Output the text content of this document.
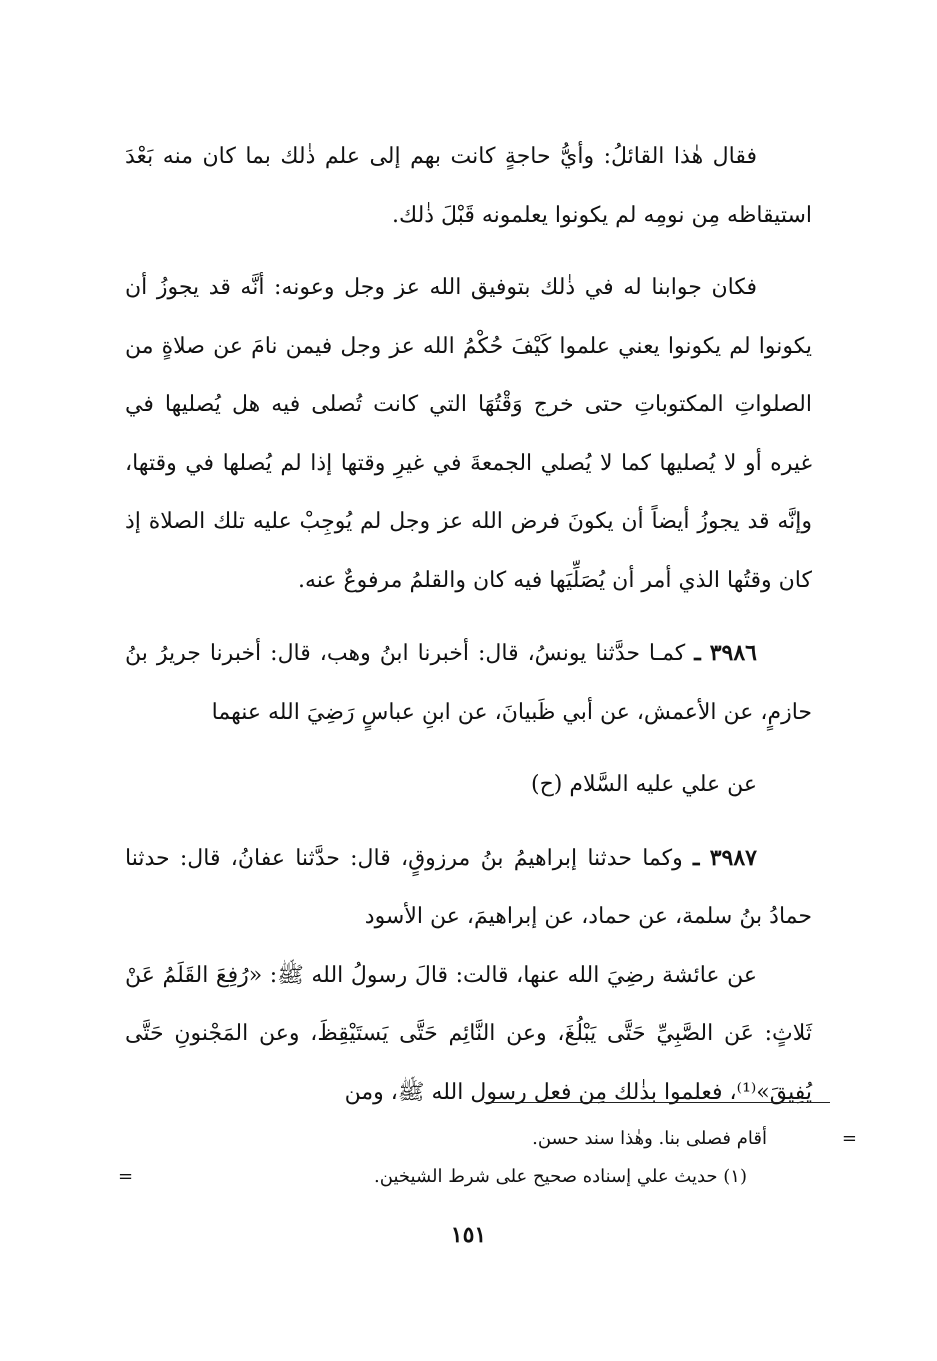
فقال هٰذا القائلُ: وأيُّ حاجةٍ كانت بهم إلى علم ذٰلك بما كان منه بَعْدَ استيقاظه مِن نومِه لم يكونوا يعلمونه قَبْلَ ذٰلك.

فكان جوابنا له في ذٰلك بتوفيق الله عز وجل وعونه: أنَّه قد يجوزُ أن يكونوا لم يكونوا يعني علموا كَيْفَ حُكْمُ الله عز وجل فيمن نامَ عن صلاةٍ من الصلواتِ المكتوباتِ حتى خرج وَقْتُهَا التي كانت تُصلى فيه هل يُصليها في غيره أو لا يُصليها كما لا يُصلي الجمعةَ في غيرِ وقتها إذا لم يُصلها في وقتها، وإنَّه قد يجوزُ أيضاً أن يكونَ فرض الله عز وجل لم يُوجِبْ عليه تلك الصلاة إذ كان وقتُها الذي أمر أن يُصَلِّيَها فيه كان والقلمُ مرفوعٌ عنه.

٣٩٨٦ ـ كمـا حدَّثنا يونسُ، قال: أخبرنا ابنُ وهب، قال: أخبرنا جريرُ بنُ حازمٍ، عن الأعمش، عن أبي ظَبيانَ، عن ابنِ عباسٍ رَضِيَ الله عنهما

عن علي عليه السَّلام (ح)

٣٩٨٧ ـ وكما حدثنا إبراهيمُ بنُ مرزوقٍ، قال: حدَّثنا عفانُ، قال: حدثنا حمادُ بنُ سلمة، عن حماد، عن إبراهيمَ، عن الأسود

عن عائشة رضِيَ الله عنها، قالت: قالَ رسولُ الله ﷺ: «رُفِعَ القَلَمُ عَنْ ثَلاثٍ: عَن الصَّبِيِّ حَتَّى يَبْلُغَ، وعن النَّائِم حَتَّى يَستَيْقِظَ، وعن المَجْنونِ حَتَّى يُفِيقَ»⁽¹⁾، فعلموا بذٰلك مِن فعل رسول الله ﷺ، ومن

=
أقام فصلى بنا. وهٰذا سند حسن.
(١) حديث علي إسناده صحيح على شرط الشيخين.
=
١٥١
